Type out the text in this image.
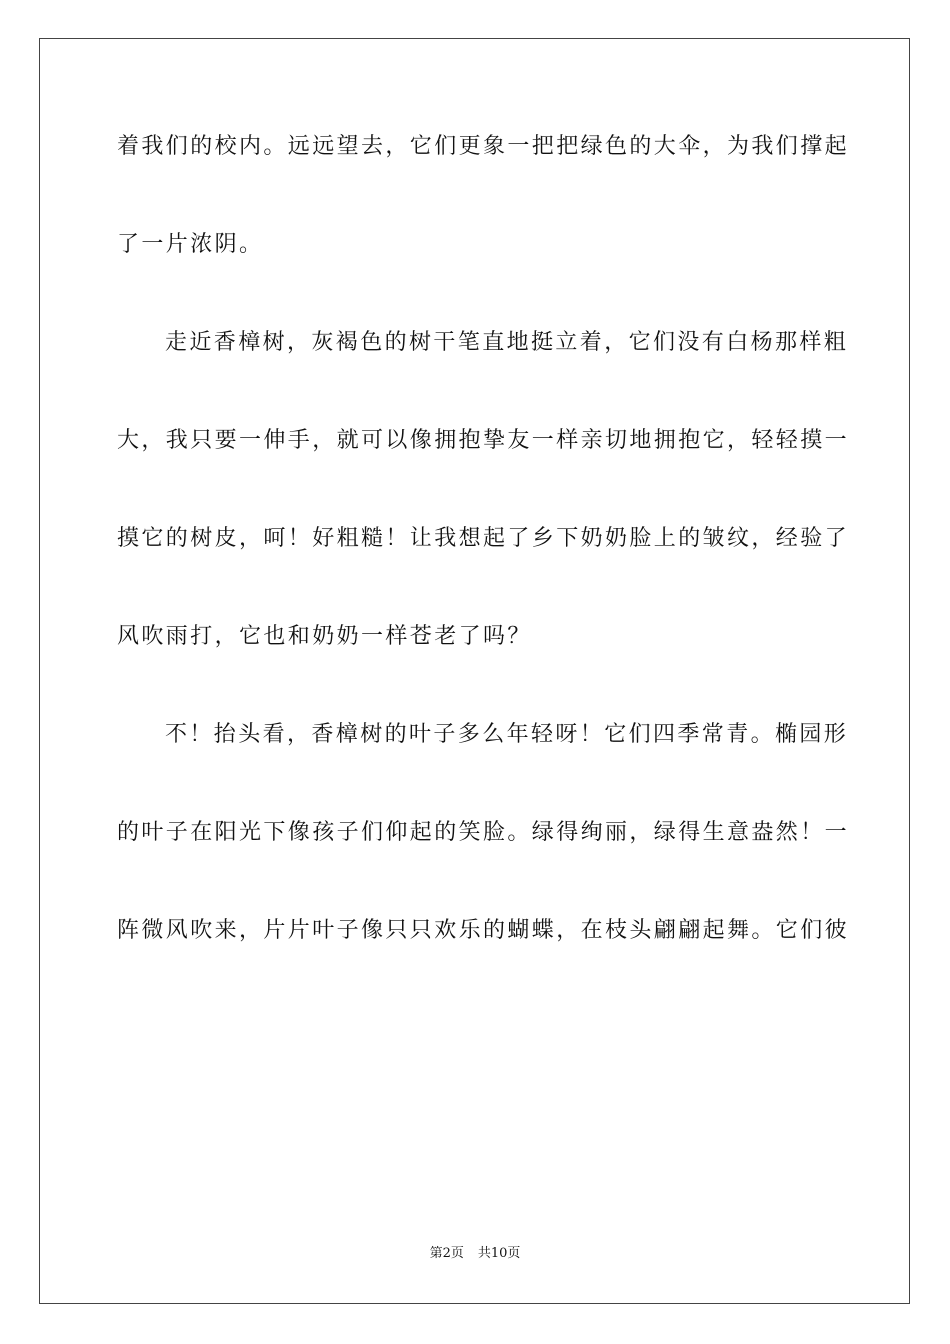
着我们的校内。远远望去，它们更象一把把绿色的大伞，为我们撑起

了一片浓阴。

走近香樟树，灰褐色的树干笔直地挺立着，它们没有白杨那样粗

大，我只要一伸手，就可以像拥抱挚友一样亲切地拥抱它，轻轻摸一

摸它的树皮，呵！好粗糙！让我想起了乡下奶奶脸上的皱纹，经验了

风吹雨打，它也和奶奶一样苍老了吗？

不！抬头看，香樟树的叶子多么年轻呀！它们四季常青。椭园形

的叶子在阳光下像孩子们仰起的笑脸。绿得绚丽，绿得生意盎然！一

阵微风吹来，片片叶子像只只欢乐的蝴蝶，在枝头翩翩起舞。它们彼

第2页 共10页
